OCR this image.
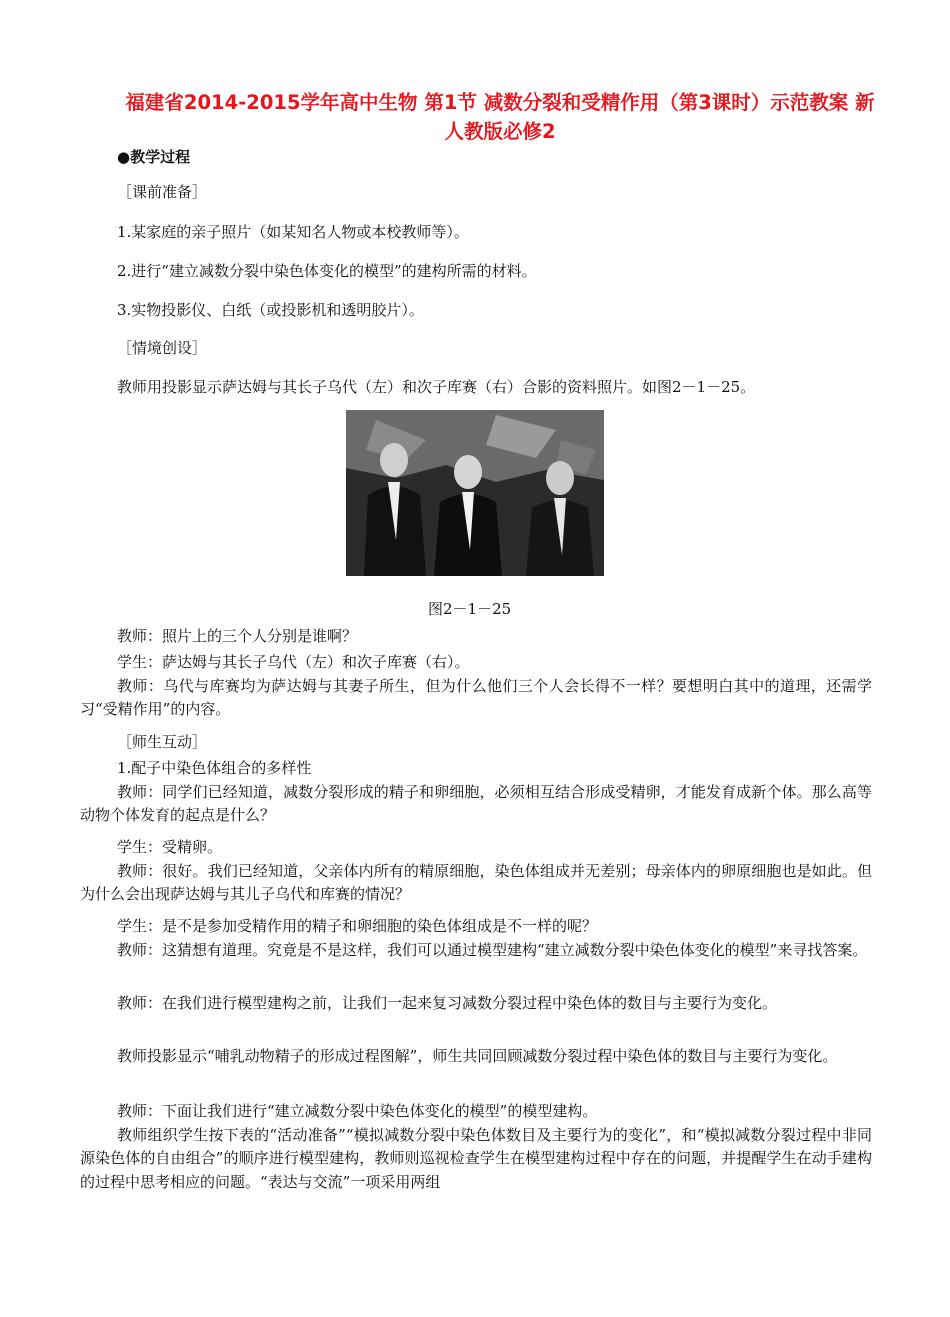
福建省2014-2015学年高中生物 第1节 减数分裂和受精作用（第3课时）示范教案 新人教版必修2
●教学过程
［课前准备］
1.某家庭的亲子照片（如某知名人物或本校教师等）。
2.进行“建立减数分裂中染色体变化的模型”的建构所需的材料。
3.实物投影仪、白纸（或投影机和透明胶片）。
［情境创设］
教师用投影显示萨达姆与其长子乌代（左）和次子库赛（右）合影的资料照片。如图2－1－25。
图2－1－25
教师：照片上的三个人分别是谁啊？
学生：萨达姆与其长子乌代（左）和次子库赛（右）。

教师：乌代与库赛均为萨达姆与其妻子所生，但为什么他们三个人会长得不一样？要想明白其中的道理，还需学习“受精作用”的内容。

［师生互动］
1.配子中染色体组合的多样性

教师：同学们已经知道，减数分裂形成的精子和卵细胞，必须相互结合形成受精卵，才能发育成新个体。那么高等动物个体发育的起点是什么？

学生：受精卵。

教师：很好。我们已经知道，父亲体内所有的精原细胞，染色体组成并无差别；母亲体内的卵原细胞也是如此。但为什么会出现萨达姆与其儿子乌代和库赛的情况？

学生：是不是参加受精作用的精子和卵细胞的染色体组成是不一样的呢？

教师：这猜想有道理。究竟是不是这样，我们可以通过模型建构“建立减数分裂中染色体变化的模型”来寻找答案。

教师：在我们进行模型建构之前，让我们一起来复习减数分裂过程中染色体的数目与主要行为变化。

教师投影显示“哺乳动物精子的形成过程图解”，师生共同回顾减数分裂过程中染色体的数目与主要行为变化。

教师：下面让我们进行“建立减数分裂中染色体变化的模型”的模型建构。

教师组织学生按下表的“活动准备”“模拟减数分裂中染色体数目及主要行为的变化”，和“模拟减数分裂过程中非同源染色体的自由组合”的顺序进行模型建构，教师则巡视检查学生在模型建构过程中存在的问题，并提醒学生在动手建构的过程中思考相应的问题。“表达与交流”一项采用两组
